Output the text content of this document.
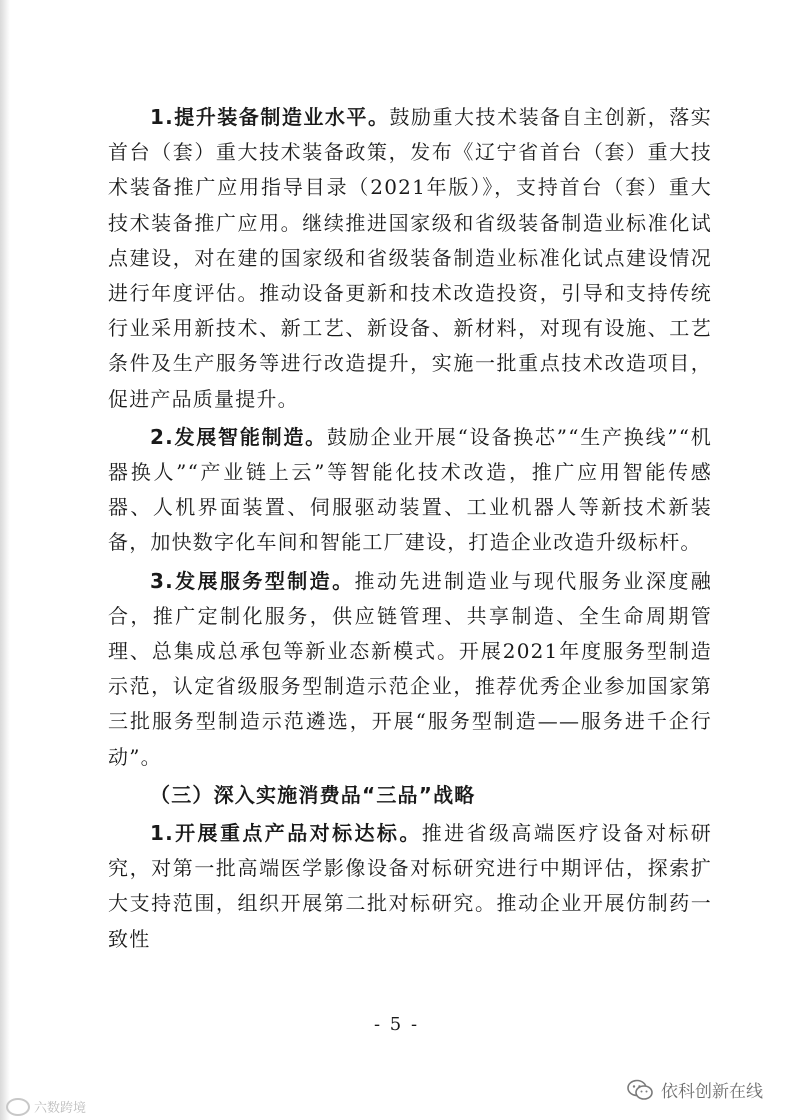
1.提升装备制造业水平。鼓励重大技术装备自主创新，落实首台（套）重大技术装备政策，发布《辽宁省首台（套）重大技术装备推广应用指导目录（2021年版）》，支持首台（套）重大技术装备推广应用。继续推进国家级和省级装备制造业标准化试点建设，对在建的国家级和省级装备制造业标准化试点建设情况进行年度评估。推动设备更新和技术改造投资，引导和支持传统行业采用新技术、新工艺、新设备、新材料，对现有设施、工艺条件及生产服务等进行改造提升，实施一批重点技术改造项目，促进产品质量提升。

2.发展智能制造。鼓励企业开展“设备换芯”“生产换线”“机器换人”“产业链上云”等智能化技术改造，推广应用智能传感器、人机界面装置、伺服驱动装置、工业机器人等新技术新装备，加快数字化车间和智能工厂建设，打造企业改造升级标杆。

3.发展服务型制造。推动先进制造业与现代服务业深度融合，推广定制化服务，供应链管理、共享制造、全生命周期管理、总集成总承包等新业态新模式。开展2021年度服务型制造示范，认定省级服务型制造示范企业，推荐优秀企业参加国家第三批服务型制造示范遴选，开展“服务型制造——服务进千企行动”。

（三）深入实施消费品“三品”战略

1.开展重点产品对标达标。推进省级高端医疗设备对标研究，对第一批高端医学影像设备对标研究进行中期评估，探索扩大支持范围，组织开展第二批对标研究。推动企业开展仿制药一致性

- 5 -
六数跨境
依科创新在线
